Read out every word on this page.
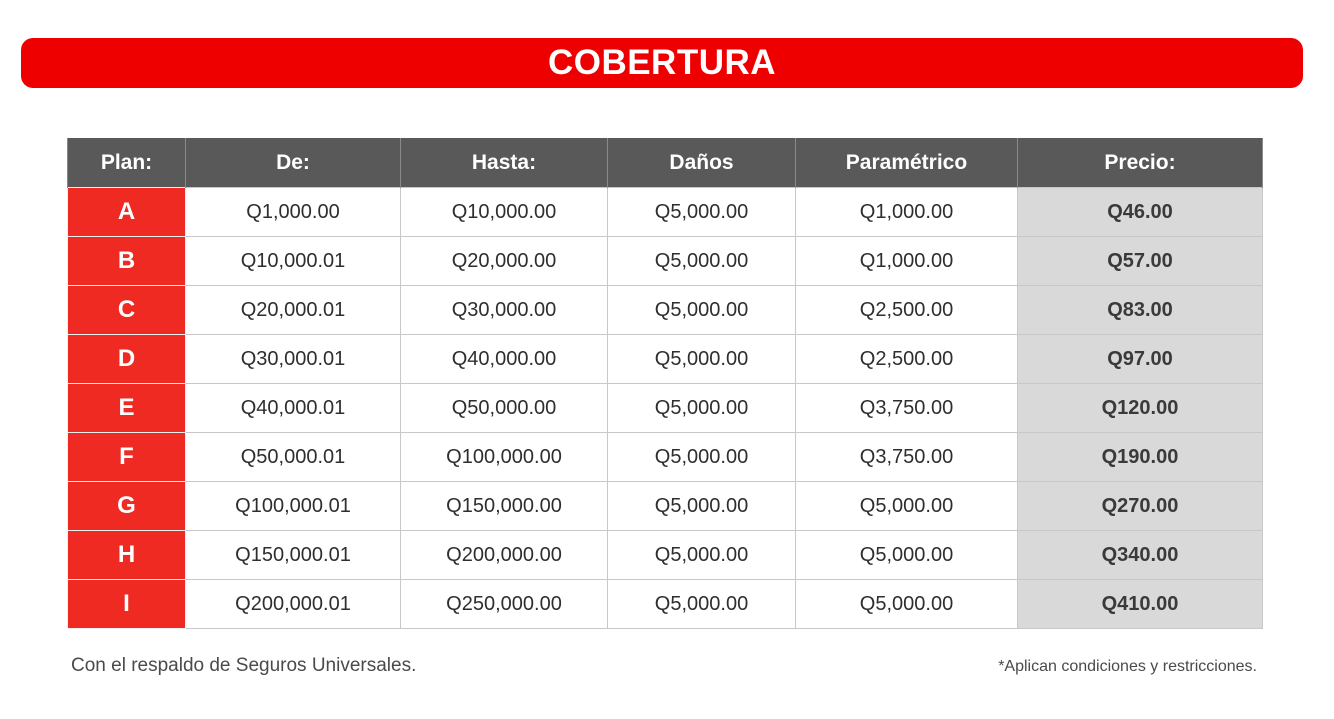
COBERTURA
Plan:	De:	Hasta:	Daños	Paramétrico	Precio:
A	Q1,000.00	Q10,000.00	Q5,000.00	Q1,000.00	Q46.00
B	Q10,000.01	Q20,000.00	Q5,000.00	Q1,000.00	Q57.00
C	Q20,000.01	Q30,000.00	Q5,000.00	Q2,500.00	Q83.00
D	Q30,000.01	Q40,000.00	Q5,000.00	Q2,500.00	Q97.00
E	Q40,000.01	Q50,000.00	Q5,000.00	Q3,750.00	Q120.00
F	Q50,000.01	Q100,000.00	Q5,000.00	Q3,750.00	Q190.00
G	Q100,000.01	Q150,000.00	Q5,000.00	Q5,000.00	Q270.00
H	Q150,000.01	Q200,000.00	Q5,000.00	Q5,000.00	Q340.00
I	Q200,000.01	Q250,000.00	Q5,000.00	Q5,000.00	Q410.00
Con el respaldo de Seguros Universales.	*Aplican condiciones y restricciones.
